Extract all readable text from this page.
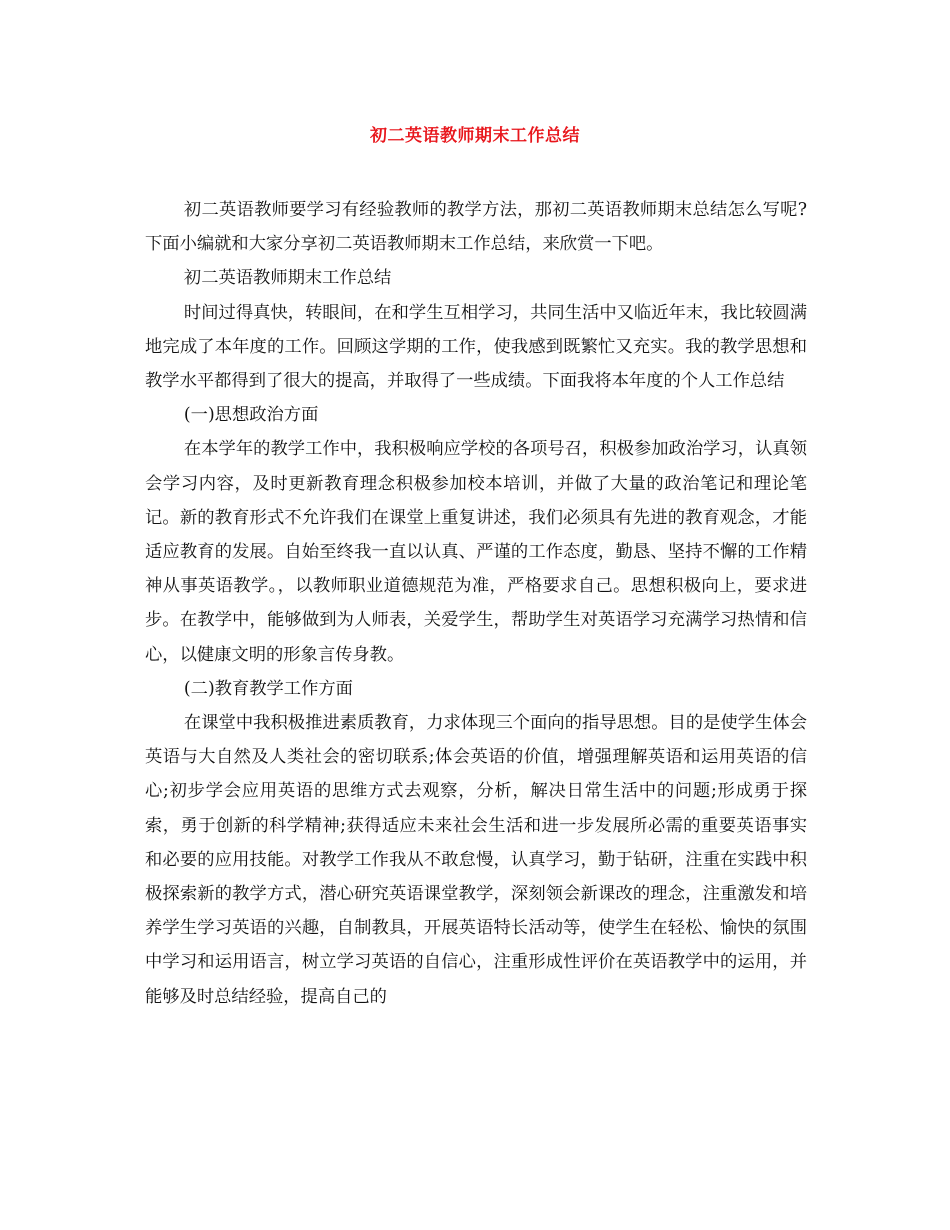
初二英语教师期末工作总结

初二英语教师要学习有经验教师的教学方法，那初二英语教师期末总结怎么写呢?下面小编就和大家分享初二英语教师期末工作总结，来欣赏一下吧。

初二英语教师期末工作总结

时间过得真快，转眼间，在和学生互相学习，共同生活中又临近年末，我比较圆满地完成了本年度的工作。回顾这学期的工作，使我感到既繁忙又充实。我的教学思想和教学水平都得到了很大的提高，并取得了一些成绩。下面我将本年度的个人工作总结

(一)思想政治方面

在本学年的教学工作中，我积极响应学校的各项号召，积极参加政治学习，认真领会学习内容，及时更新教育理念积极参加校本培训，并做了大量的政治笔记和理论笔记。新的教育形式不允许我们在课堂上重复讲述，我们必须具有先进的教育观念，才能适应教育的发展。自始至终我一直以认真、严谨的工作态度，勤恳、坚持不懈的工作精神从事英语教学。，以教师职业道德规范为准，严格要求自己。思想积极向上，要求进步。在教学中，能够做到为人师表，关爱学生，帮助学生对英语学习充满学习热情和信心，以健康文明的形象言传身教。

(二)教育教学工作方面

在课堂中我积极推进素质教育，力求体现三个面向的指导思想。目的是使学生体会英语与大自然及人类社会的密切联系;体会英语的价值，增强理解英语和运用英语的信心;初步学会应用英语的思维方式去观察，分析，解决日常生活中的问题;形成勇于探索，勇于创新的科学精神;获得适应未来社会生活和进一步发展所必需的重要英语事实和必要的应用技能。对教学工作我从不敢怠慢，认真学习，勤于钻研，注重在实践中积极探索新的教学方式，潜心研究英语课堂教学，深刻领会新课改的理念，注重激发和培养学生学习英语的兴趣，自制教具，开展英语特长活动等，使学生在轻松、愉快的氛围中学习和运用语言，树立学习英语的自信心，注重形成性评价在英语教学中的运用，并能够及时总结经验，提高自己的
